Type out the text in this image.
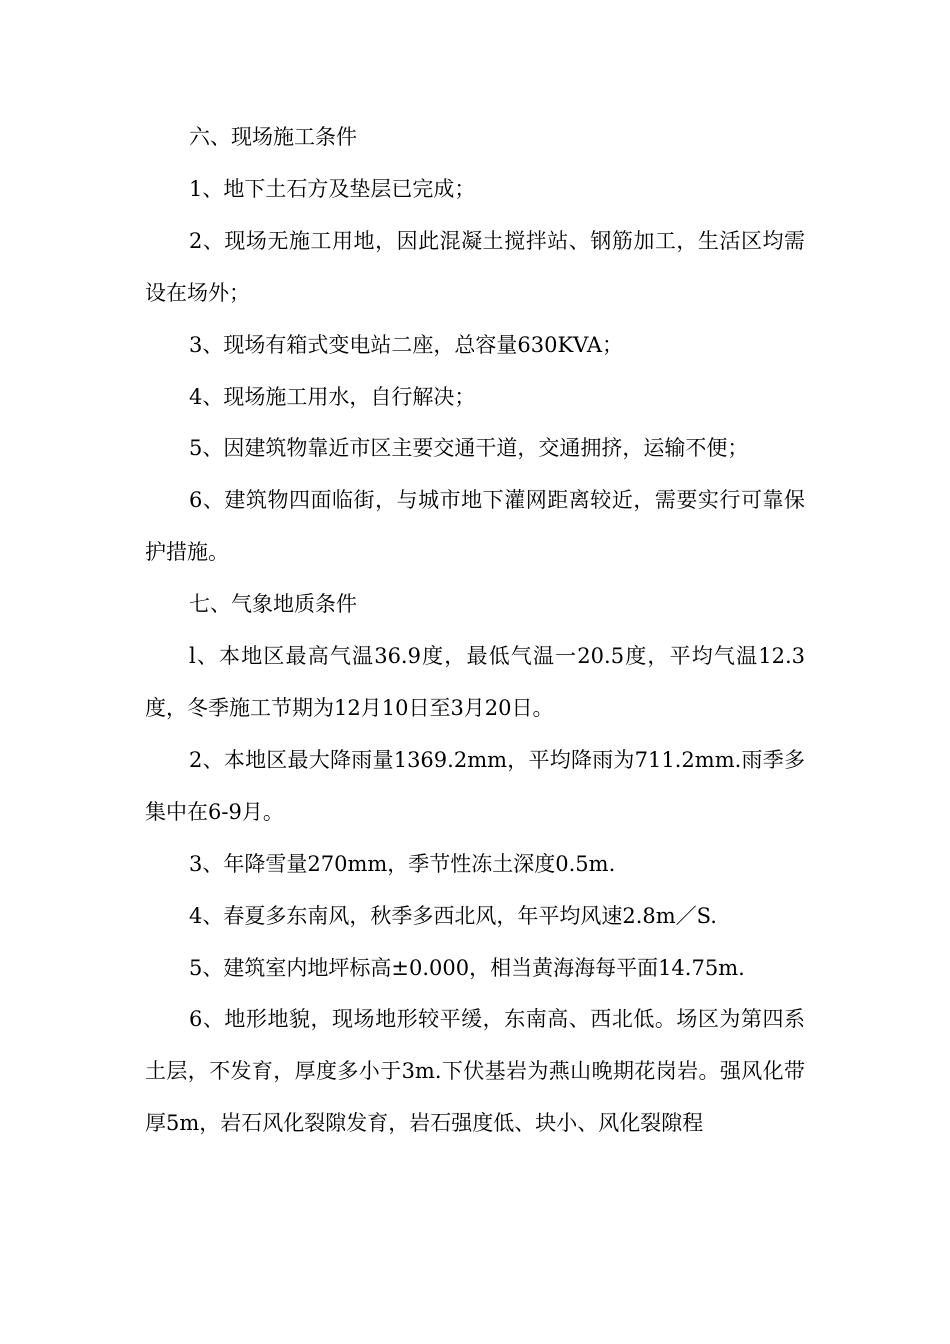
六、现场施工条件

1、地下土石方及垫层已完成；

2、现场无施工用地，因此混凝土搅拌站、钢筋加工，生活区均需设在场外；

3、现场有箱式变电站二座，总容量630KVA；

4、现场施工用水，自行解决；

5、因建筑物靠近市区主要交通干道，交通拥挤，运输不便；

6、建筑物四面临街，与城市地下灌网距离较近，需要实行可靠保护措施。

七、气象地质条件

l、本地区最高气温36.9度，最低气温一20.5度，平均气温12.3度，冬季施工节期为12月10日至3月20日。

2、本地区最大降雨量1369.2mm，平均降雨为711.2mm.雨季多集中在6-9月。

3、年降雪量270mm，季节性冻土深度0.5m.

4、春夏多东南风，秋季多西北风，年平均风速2.8m／S.

5、建筑室内地坪标高±0.000，相当黄海海每平面14.75m.

6、地形地貌，现场地形较平缓，东南高、西北低。场区为第四系土层，不发育，厚度多小于3m.下伏基岩为燕山晚期花岗岩。强风化带厚5m，岩石风化裂隙发育，岩石强度低、块小、风化裂隙程
